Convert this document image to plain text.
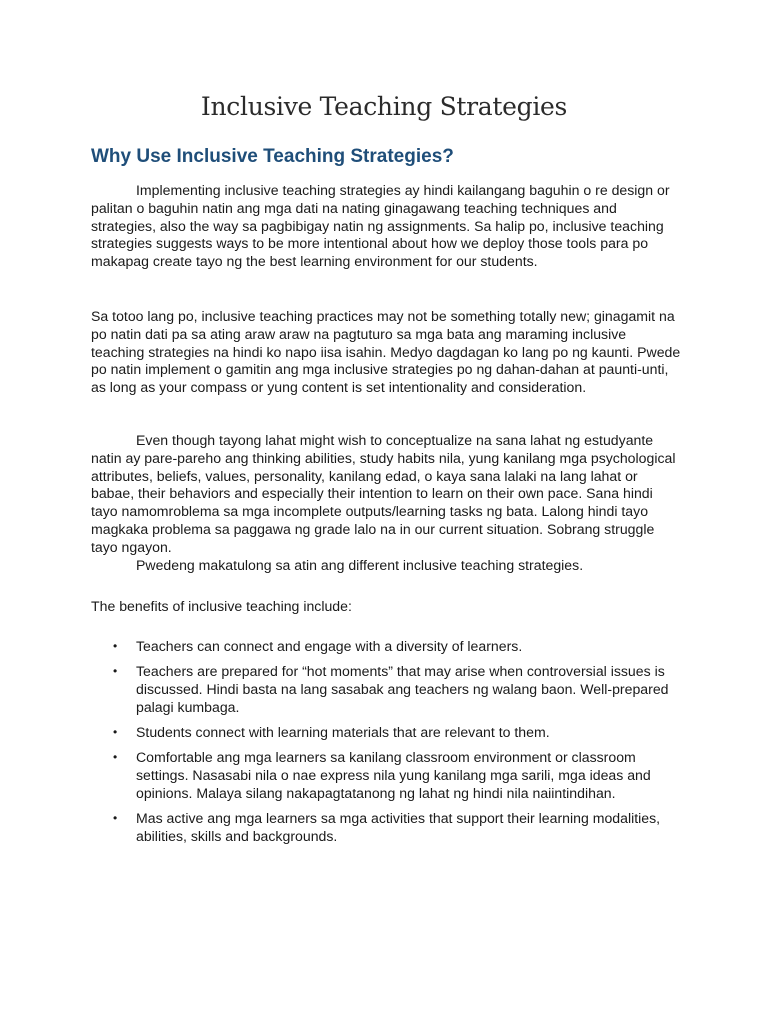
Inclusive Teaching Strategies
Why Use Inclusive Teaching Strategies?

Implementing inclusive teaching strategies ay hindi kailangang baguhin o re design or palitan o baguhin natin ang mga dati na nating ginagawang teaching techniques and strategies, also the way sa pagbibigay natin ng assignments. Sa halip po, inclusive teaching strategies suggests ways to be more intentional about how we deploy those tools para po makapag create tayo ng the best learning environment for our students.

Sa totoo lang po, inclusive teaching practices may not be something totally new; ginagamit na po natin dati pa sa ating araw araw na pagtuturo sa mga bata ang maraming inclusive teaching strategies na hindi ko napo iisa isahin. Medyo dagdagan ko lang po ng kaunti. Pwede po natin implement o gamitin ang mga inclusive strategies po ng dahan-dahan at paunti-unti, as long as your compass or yung content is set intentionality and consideration.

Even though tayong lahat might wish to conceptualize na sana lahat ng estudyante natin ay pare-pareho ang thinking abilities, study habits nila, yung kanilang mga psychological attributes, beliefs, values, personality, kanilang edad, o kaya sana lalaki na lang lahat or babae, their behaviors and especially their intention to learn on their own pace. Sana hindi tayo namomroblema sa mga incomplete outputs/learning tasks ng bata. Lalong hindi tayo magkaka problema sa paggawa ng grade lalo na in our current situation. Sobrang struggle tayo ngayon.

Pwedeng makatulong sa atin ang different inclusive teaching strategies.

The benefits of inclusive teaching include:

• Teachers can connect and engage with a diversity of learners.
• Teachers are prepared for “hot moments” that may arise when controversial issues is discussed. Hindi basta na lang sasabak ang teachers ng walang baon. Well-prepared palagi kumbaga.
• Students connect with learning materials that are relevant to them.
• Comfortable ang mga learners sa kanilang classroom environment or classroom settings. Nasasabi nila o nae express nila yung kanilang mga sarili, mga ideas and opinions. Malaya silang nakapagtatanong ng lahat ng hindi nila naiintindihan.
• Mas active ang mga learners sa mga activities that support their learning modalities, abilities, skills and backgrounds.
